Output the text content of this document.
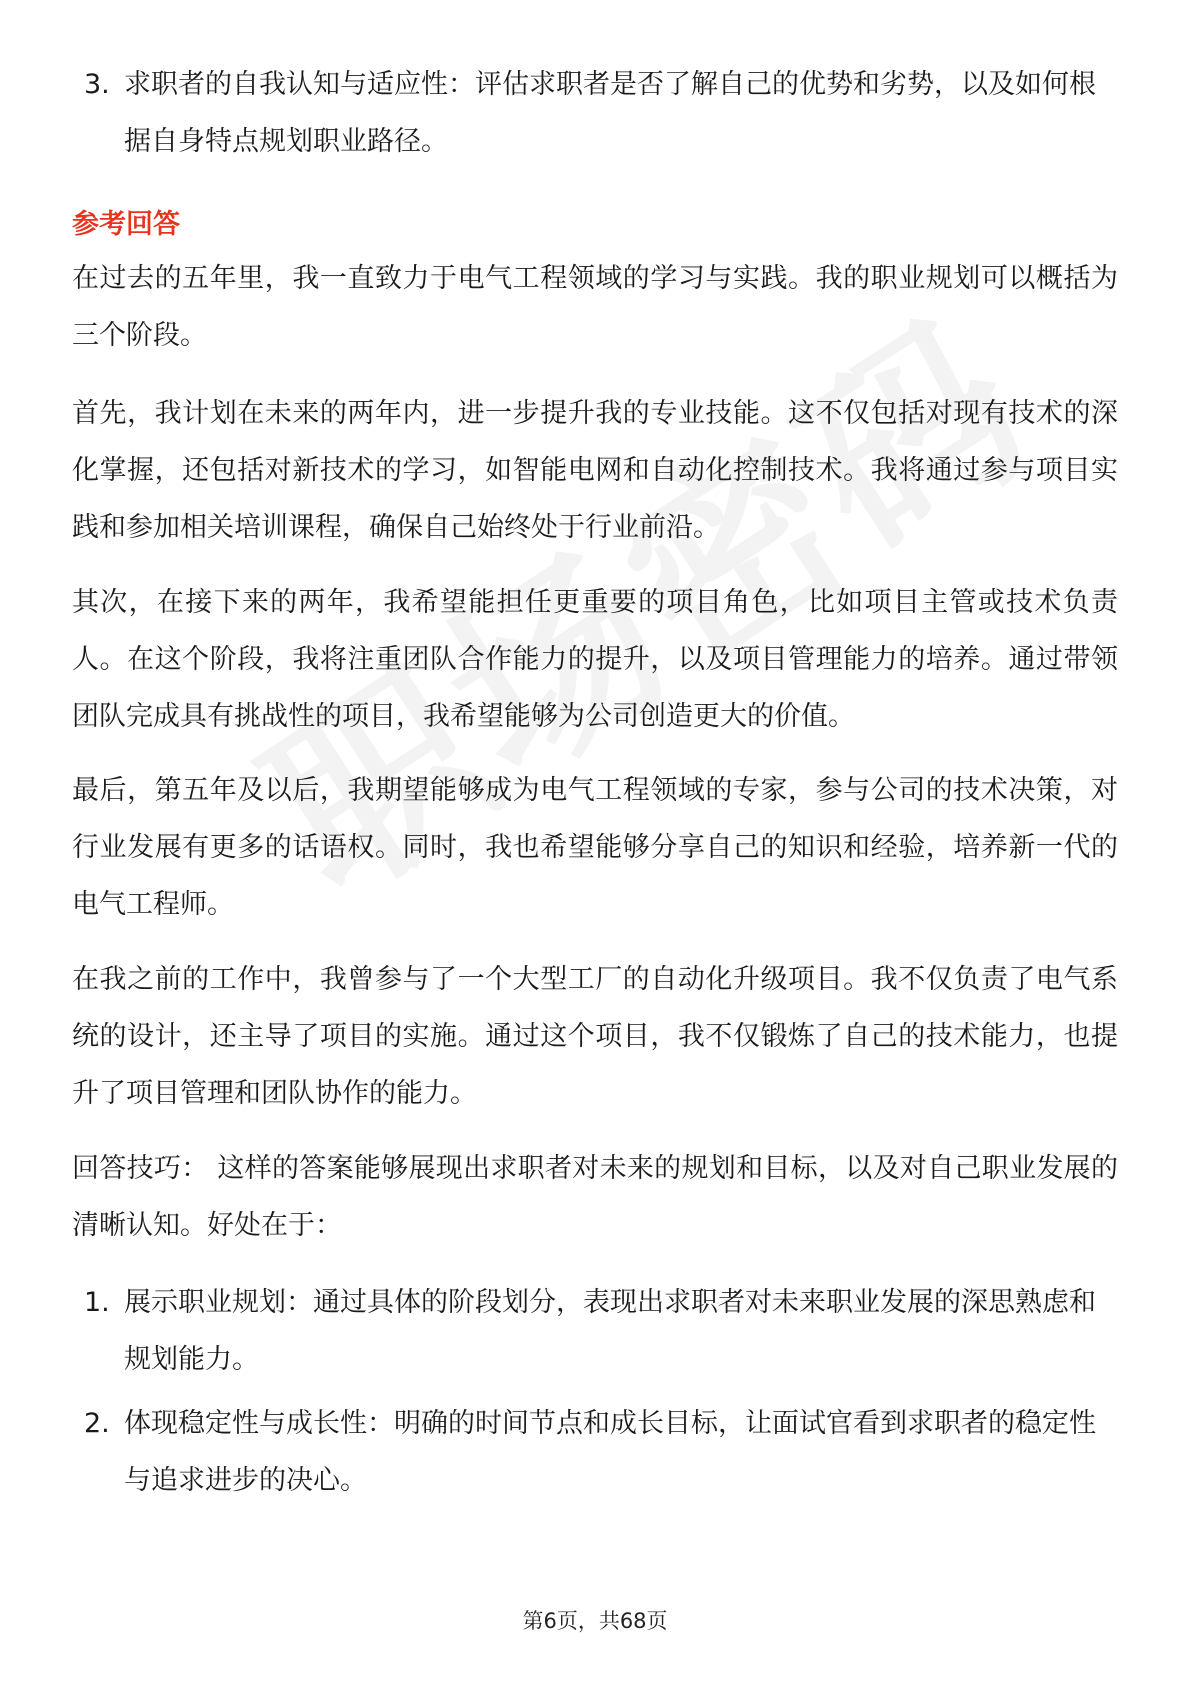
3. 求职者的自我认知与适应性：评估求职者是否了解自己的优势和劣势，以及如何根据自身特点规划职业路径。
参考回答
在过去的五年里，我一直致力于电气工程领域的学习与实践。我的职业规划可以概括为三个阶段。
首先，我计划在未来的两年内，进一步提升我的专业技能。这不仅包括对现有技术的深化掌握，还包括对新技术的学习，如智能电网和自动化控制技术。我将通过参与项目实践和参加相关培训课程，确保自己始终处于行业前沿。
其次，在接下来的两年，我希望能担任更重要的项目角色，比如项目主管或技术负责人。在这个阶段，我将注重团队合作能力的提升，以及项目管理能力的培养。通过带领团队完成具有挑战性的项目，我希望能够为公司创造更大的价值。
最后，第五年及以后，我期望能够成为电气工程领域的专家，参与公司的技术决策，对行业发展有更多的话语权。同时，我也希望能够分享自己的知识和经验，培养新一代的电气工程师。
在我之前的工作中，我曾参与了一个大型工厂的自动化升级项目。我不仅负责了电气系统的设计，还主导了项目的实施。通过这个项目，我不仅锻炼了自己的技术能力，也提升了项目管理和团队协作的能力。
回答技巧： 这样的答案能够展现出求职者对未来的规划和目标，以及对自己职业发展的清晰认知。好处在于：
1. 展示职业规划：通过具体的阶段划分，表现出求职者对未来职业发展的深思熟虑和规划能力。
2. 体现稳定性与成长性：明确的时间节点和成长目标，让面试官看到求职者的稳定性与追求进步的决心。
第6页，共68页
